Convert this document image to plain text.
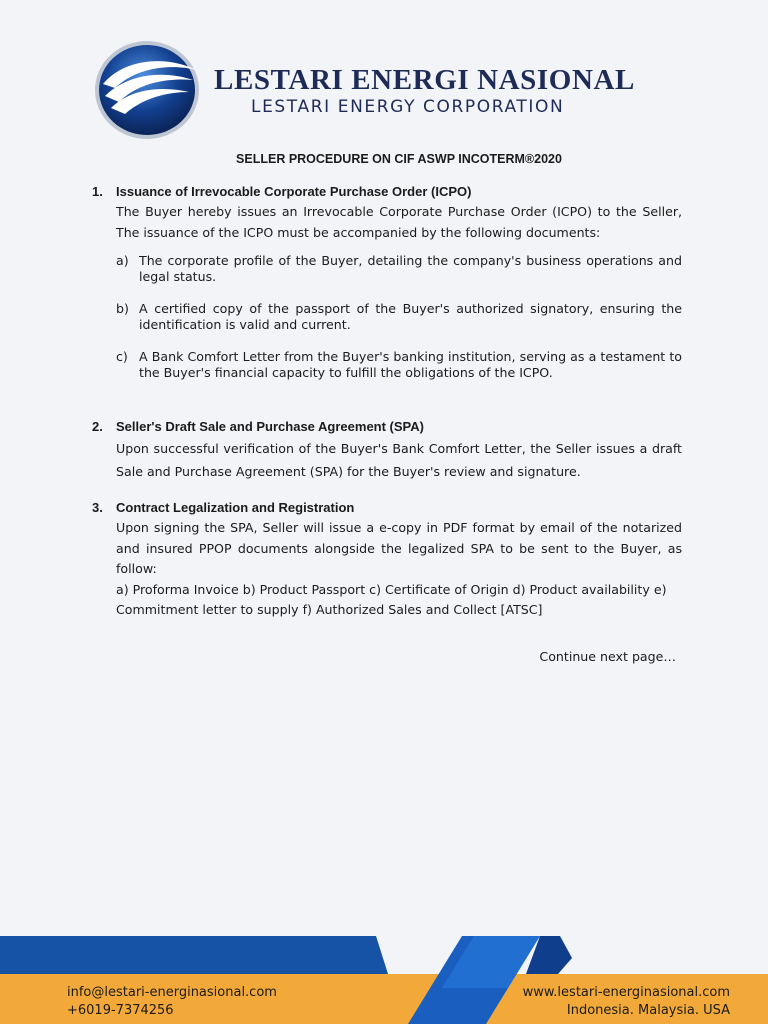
LESTARI ENERGI NASIONAL
LESTARI ENERGY CORPORATION
SELLER PROCEDURE ON CIF ASWP INCOTERM®2020
1.	Issuance of Irrevocable Corporate Purchase Order (ICPO)
The Buyer hereby issues an Irrevocable Corporate Purchase Order (ICPO) to the Seller, The issuance of the ICPO must be accompanied by the following documents:
a) The corporate profile of the Buyer, detailing the company's business operations and legal status.
b) A certified copy of the passport of the Buyer's authorized signatory, ensuring the identification is valid and current.
c) A Bank Comfort Letter from the Buyer's banking institution, serving as a testament to the Buyer's financial capacity to fulfill the obligations of the ICPO.
2.	Seller's Draft Sale and Purchase Agreement (SPA)
Upon successful verification of the Buyer's Bank Comfort Letter, the Seller issues a draft Sale and Purchase Agreement (SPA) for the Buyer's review and signature.
3.	Contract Legalization and Registration
Upon signing the SPA, Seller will issue a e-copy in PDF format by email of the notarized and insured PPOP documents alongside the legalized SPA to be sent to the Buyer, as follow:
a) Proforma Invoice b) Product Passport c) Certificate of Origin d) Product availability e) Commitment letter to supply f) Authorized Sales and Collect [ATSC]
Continue next page…
info@lestari-energinasional.com
+6019-7374256
www.lestari-energinasional.com
Indonesia. Malaysia. USA
